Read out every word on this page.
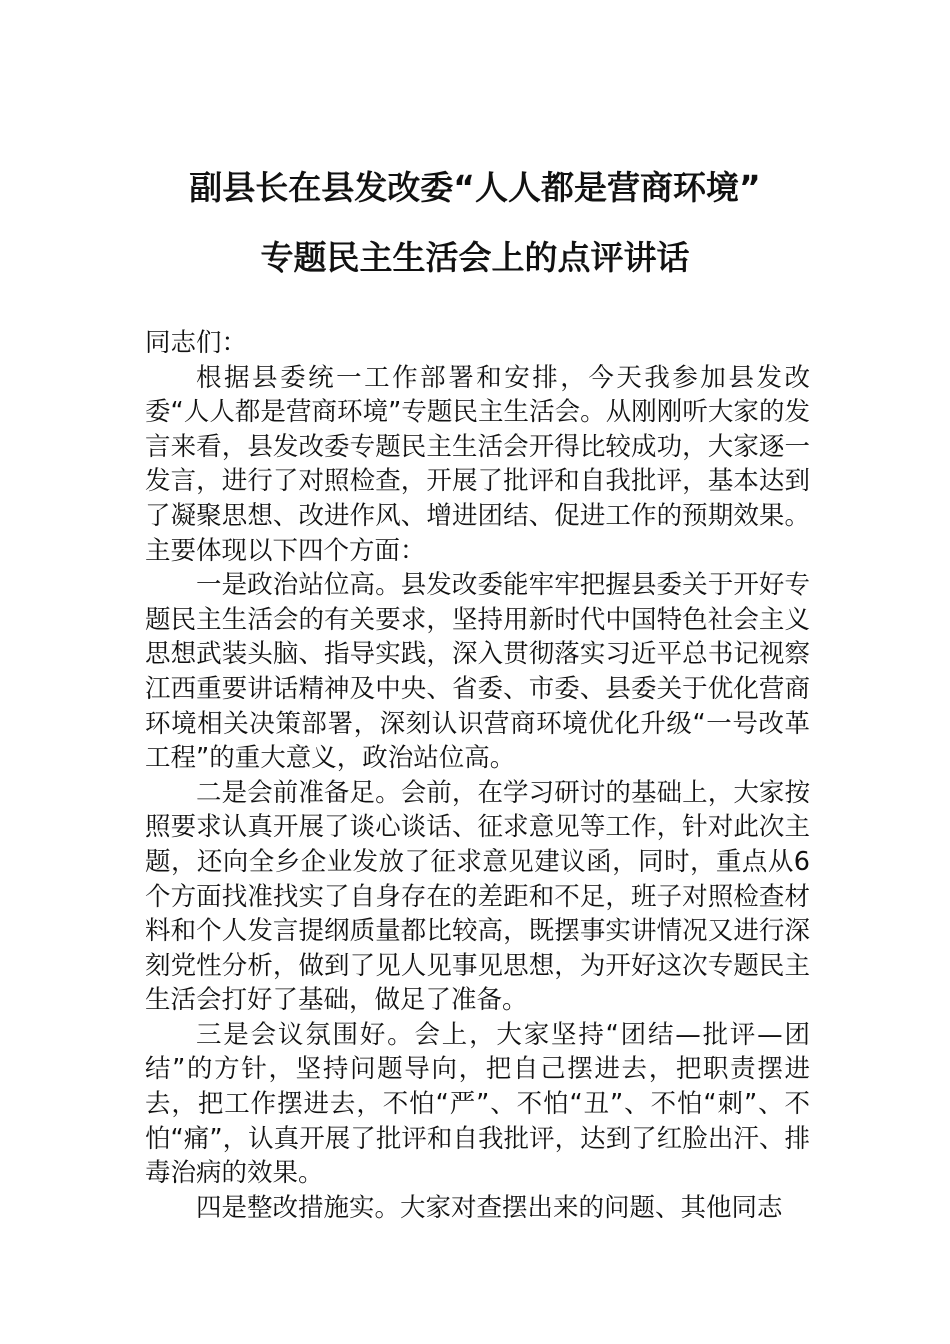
副县长在县发改委“人人都是营商环境”
专题民主生活会上的点评讲话

同志们：

根据县委统一工作部署和安排，今天我参加县发改委“人人都是营商环境”专题民主生活会。从刚刚听大家的发言来看，县发改委专题民主生活会开得比较成功，大家逐一发言，进行了对照检查，开展了批评和自我批评，基本达到了凝聚思想、改进作风、增进团结、促进工作的预期效果。主要体现以下四个方面：

一是政治站位高。县发改委能牢牢把握县委关于开好专题民主生活会的有关要求，坚持用新时代中国特色社会主义思想武装头脑、指导实践，深入贯彻落实习近平总书记视察江西重要讲话精神及中央、省委、市委、县委关于优化营商环境相关决策部署，深刻认识营商环境优化升级“一号改革工程”的重大意义，政治站位高。

二是会前准备足。会前，在学习研讨的基础上，大家按照要求认真开展了谈心谈话、征求意见等工作，针对此次主题，还向全乡企业发放了征求意见建议函，同时，重点从6个方面找准找实了自身存在的差距和不足，班子对照检查材料和个人发言提纲质量都比较高，既摆事实讲情况又进行深刻党性分析，做到了见人见事见思想，为开好这次专题民主生活会打好了基础，做足了准备。

三是会议氛围好。会上，大家坚持“团结—批评—团结”的方针，坚持问题导向，把自己摆进去，把职责摆进去，把工作摆进去，不怕“严”、不怕“丑”、不怕“刺”、不怕“痛”，认真开展了批评和自我批评，达到了红脸出汗、排毒治病的效果。

四是整改措施实。大家对查摆出来的问题、其他同志
